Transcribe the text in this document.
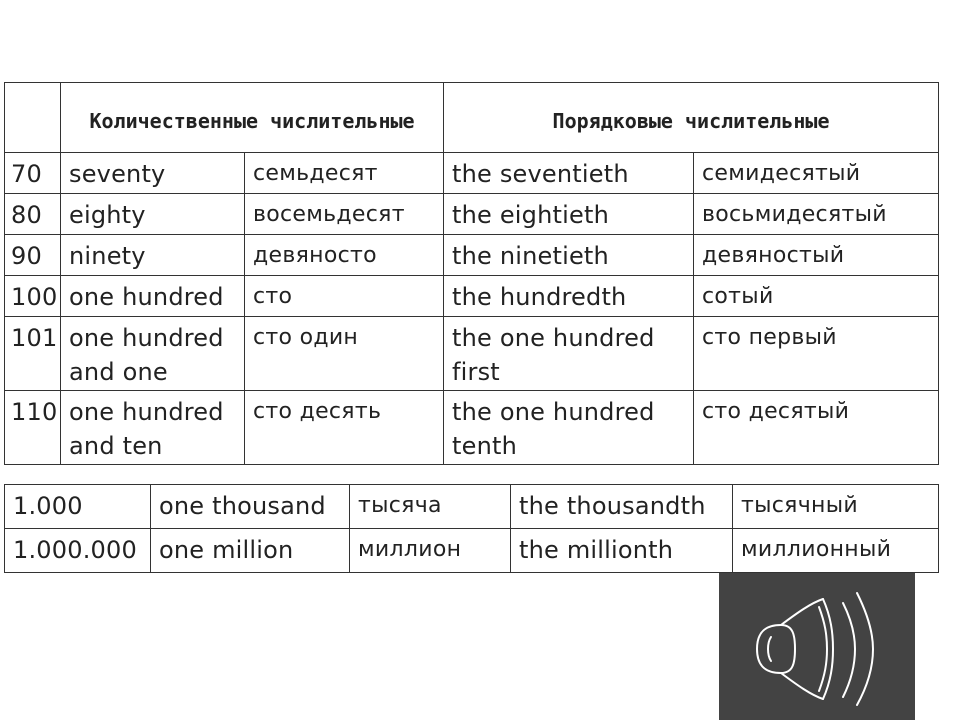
	Количественные числительные		Порядковые числительные	
70	seventy	семьдесят	the seventieth	семидесятый
80	eighty	восемьдесят	the eightieth	восьмидесятый
90	ninety	девяносто	the ninetieth	девяностый
100	one hundred	сто	the hundredth	сотый
101	one hundred and one	сто один	the one hundred first	сто первый
110	one hundred and ten	сто десять	the one hundred tenth	сто десятый
1.000	one thousand	тысяча	the thousandth	тысячный
1.000.000	one million	миллион	the millionth	миллионный
